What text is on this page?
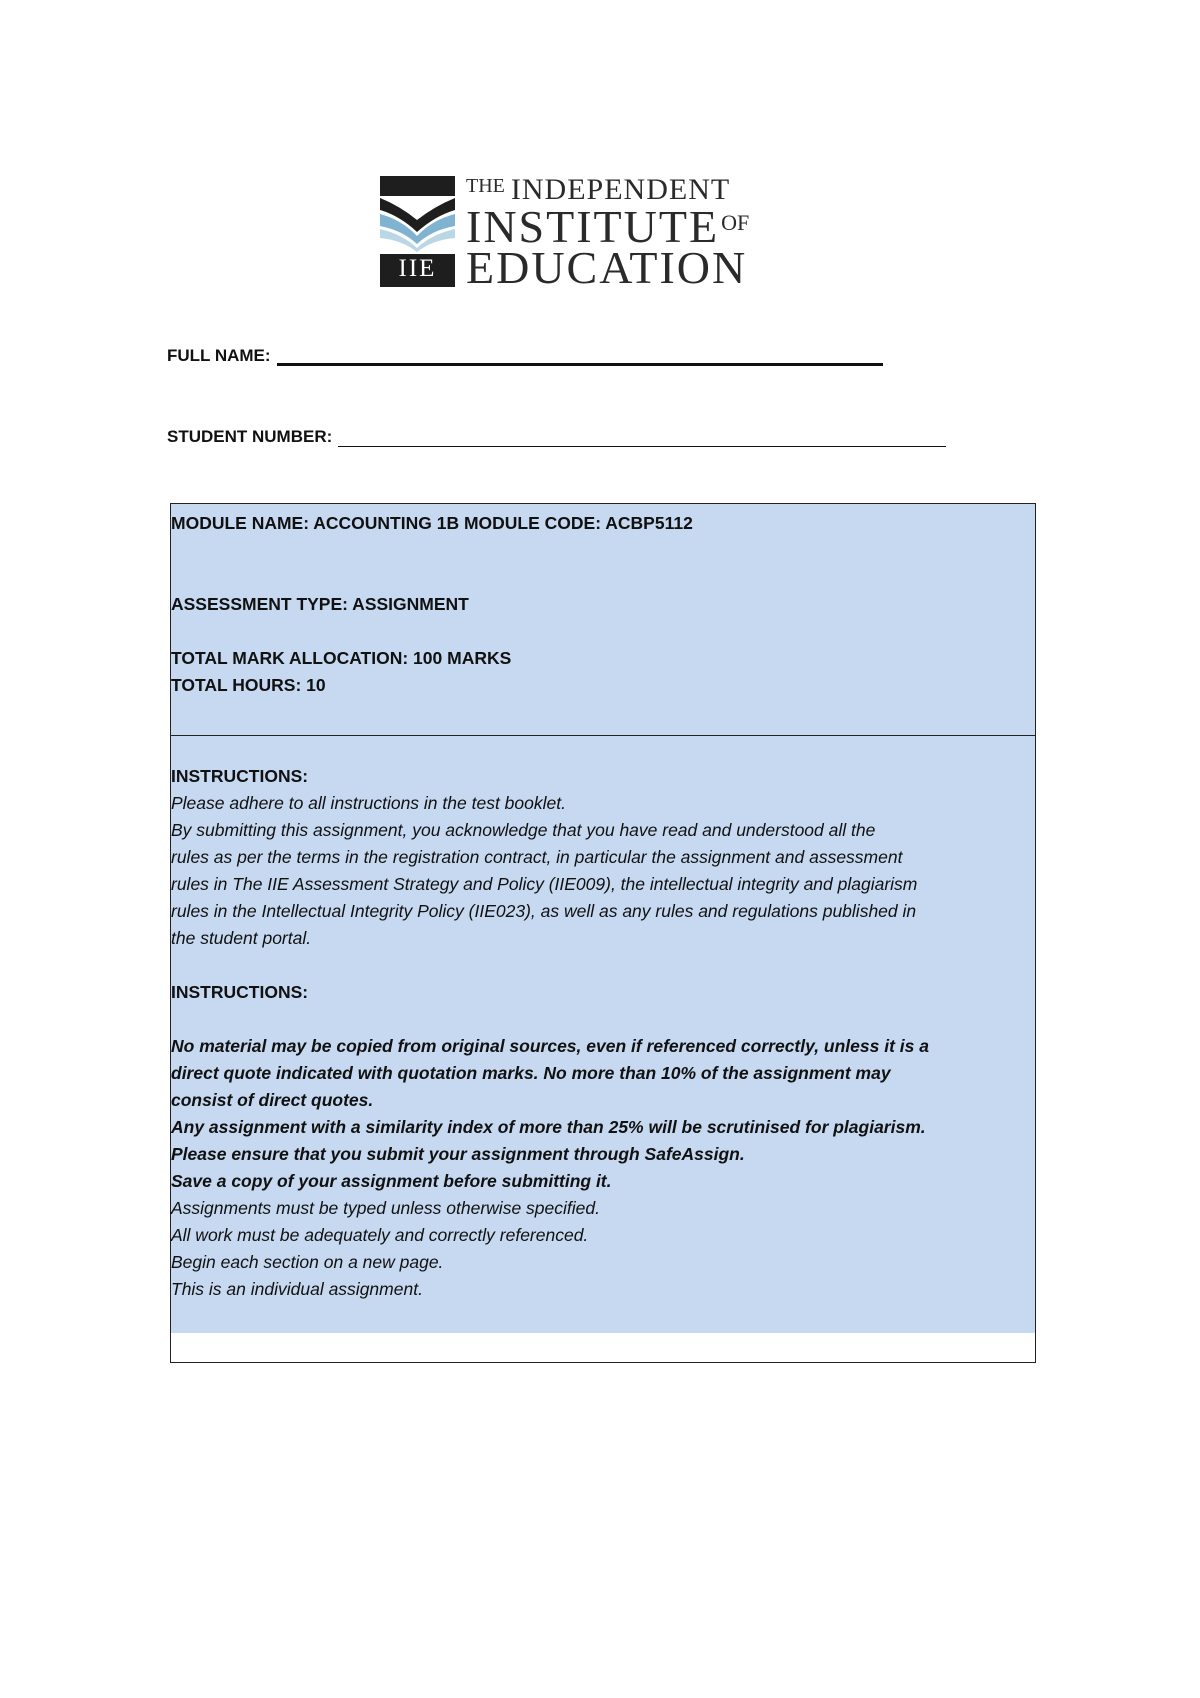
IIE
$^{THE}$ INDEPENDENT
$INSTITUTE^{OF}$
EDUCATION
FULL NAME:
STUDENT NUMBER:
MODULE NAME: ACCOUNTING 1B MODULE CODE: ACBP5112
ASSESSMENT TYPE: ASSIGNMENT
TOTAL MARK ALLOCATION: 100 MARKS
TOTAL HOURS: 10
INSTRUCTIONS:
Please adhere to all instructions in the test booklet.
By submitting this assignment, you acknowledge that you have read and understood all the
rules as per the terms in the registration contract, in particular the assignment and assessment
rules in The IIE Assessment Strategy and Policy (IIE009), the intellectual integrity and plagiarism
rules in the Intellectual Integrity Policy (IIE023), as well as any rules and regulations published in
the student portal.
INSTRUCTIONS:
No material may be copied from original sources, even if referenced correctly, unless it is a
direct quote indicated with quotation marks. No more than 10% of the assignment may
consist of direct quotes.
Any assignment with a similarity index of more than 25% will be scrutinised for plagiarism.
Please ensure that you submit your assignment through SafeAssign.
Save a copy of your assignment before submitting it.
Assignments must be typed unless otherwise specified.
All work must be adequately and correctly referenced.
Begin each section on a new page.
This is an individual assignment.
